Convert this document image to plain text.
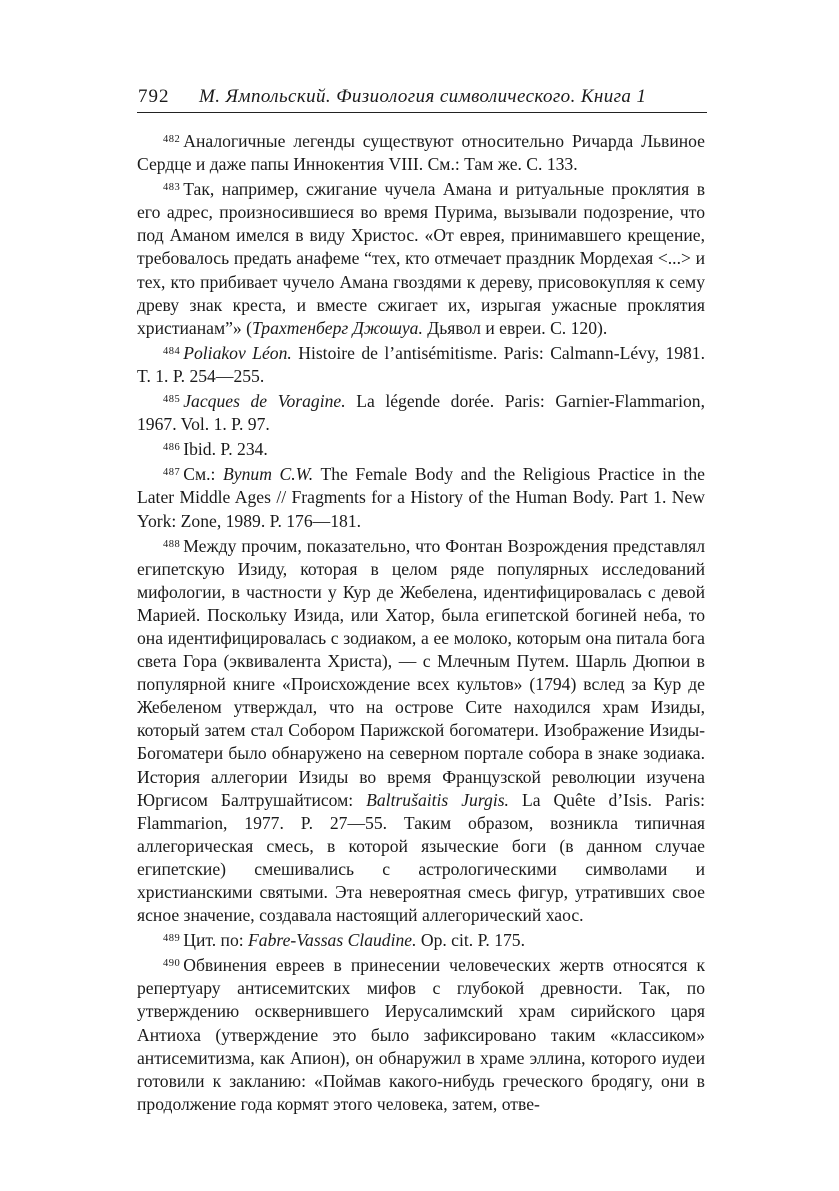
792 М. Ямпольский. Физиология символического. Книга 1

$^{482}$ Аналогичные легенды существуют относительно Ричарда Львиное Сердце и даже папы Иннокентия VIII. См.: Там же. С. 133.

$^{483}$ Так, например, сжигание чучела Амана и ритуальные проклятия в его адрес, произносившиеся во время Пурима, вызывали подозрение, что под Аманом имелся в виду Христос. «От еврея, принимавшего крещение, требовалось предать анафеме “тех, кто отмечает праздник Мордехая <...> и тех, кто прибивает чучело Амана гвоздями к дереву, присовокупляя к сему древу знак креста, и вместе сжигает их, изрыгая ужасные проклятия христианам”» (Трахтенберг Джошуа. Дьявол и евреи. С. 120).

$^{484}$ Poliakov Léon. Histoire de l’antisémitisme. Paris: Calmann-Lévy, 1981. T. 1. P. 254—255.

$^{485}$ Jacques de Voragine. La légende dorée. Paris: Garnier-Flammarion, 1967. Vol. 1. P. 97.

$^{486}$ Ibid. P. 234.

$^{487}$ См.: Bynum C.W. The Female Body and the Religious Practice in the Later Middle Ages // Fragments for a History of the Human Body. Part 1. New York: Zone, 1989. P. 176—181.

$^{488}$ Между прочим, показательно, что Фонтан Возрождения представлял египетскую Изиду, которая в целом ряде популярных исследований мифологии, в частности у Кур де Жебелена, идентифицировалась с девой Марией. Поскольку Изида, или Хатор, была египетской богиней неба, то она идентифицировалась с зодиаком, а ее молоко, которым она питала бога света Гора (эквивалента Христа), — с Млечным Путем. Шарль Дюпюи в популярной книге «Происхождение всех культов» (1794) вслед за Кур де Жебеленом утверждал, что на острове Сите находился храм Изиды, который затем стал Собором Парижской богоматери. Изображение Изиды-Богоматери было обнаружено на северном портале собора в знаке зодиака. История аллегории Изиды во время Французской революции изучена Юргисом Балтрушайтисом: Baltrušaitis Jurgis. La Quête d’Isis. Paris: Flammarion, 1977. P. 27—55. Таким образом, возникла типичная аллегорическая смесь, в которой языческие боги (в данном случае египетские) смешивались с астрологическими символами и христианскими святыми. Эта невероятная смесь фигур, утративших свое ясное значение, создавала настоящий аллегорический хаос.

$^{489}$ Цит. по: Fabre-Vassas Claudine. Op. cit. P. 175.

$^{490}$ Обвинения евреев в принесении человеческих жертв относятся к репертуару антисемитских мифов с глубокой древности. Так, по утверждению осквернившего Иерусалимский храм сирийского царя Антиоха (утверждение это было зафиксировано таким «классиком» антисемитизма, как Апион), он обнаружил в храме эллина, которого иудеи готовили к закланию: «Поймав какого-нибудь греческого бродягу, они в продолжение года кормят этого человека, затем, отве-
